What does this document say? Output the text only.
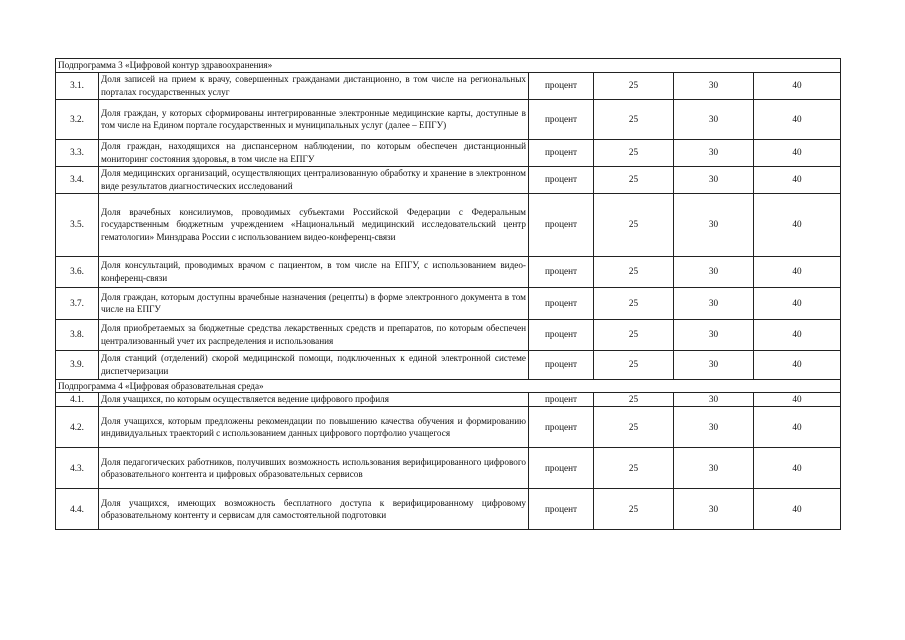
Подпрограмма 3 «Цифровой контур здравоохранения»					
3.1.	Доля записей на прием к врачу, совершенных гражданами дистанционно, в том числе на региональных порталах государственных услуг	процент	25	30	40
3.2.	Доля граждан, у которых сформированы интегрированные электронные медицинские карты, доступные в том числе на Едином портале государственных и муниципальных услуг (далее – ЕПГУ)	процент	25	30	40
3.3.	Доля граждан, находящихся на диспансерном наблюдении, по которым обеспечен дистанционный мониторинг состояния здоровья, в том числе на ЕПГУ	процент	25	30	40
3.4.	Доля медицинских организаций, осуществляющих централизованную обработку и хранение в электронном виде результатов диагностических исследований	процент	25	30	40
3.5.	Доля врачебных консилиумов, проводимых субъектами Российской Федерации с Федеральным государственным бюджетным учреждением «Национальный медицинский исследовательский центр гематологии» Минздрава России с использованием видео-конференц-связи	процент	25	30	40
3.6.	Доля консультаций, проводимых врачом с пациентом, в том числе на ЕПГУ, с использованием видео-конференц-связи	процент	25	30	40
3.7.	Доля граждан, которым доступны врачебные назначения (рецепты) в форме электронного документа в том числе на ЕПГУ	процент	25	30	40
3.8.	Доля приобретаемых за бюджетные средства лекарственных средств и препаратов, по которым обеспечен централизованный учет их распределения и использования	процент	25	30	40
3.9.	Доля станций (отделений) скорой медицинской помощи, подключенных к единой электронной системе диспетчеризации	процент	25	30	40
Подпрограмма 4 «Цифровая образовательная среда»					
4.1.	Доля учащихся, по которым осуществляется ведение цифрового профиля	процент	25	30	40
4.2.	Доля учащихся, которым предложены рекомендации по повышению качества обучения и формированию индивидуальных траекторий с использованием данных цифрового портфолио учащегося	процент	25	30	40
4.3.	Доля педагогических работников, получивших возможность использования верифицированного цифрового образовательного контента и цифровых образовательных сервисов	процент	25	30	40
4.4.	Доля учащихся, имеющих возможность бесплатного доступа к верифицированному цифровому образовательному контенту и сервисам для самостоятельной подготовки	процент	25	30	40
